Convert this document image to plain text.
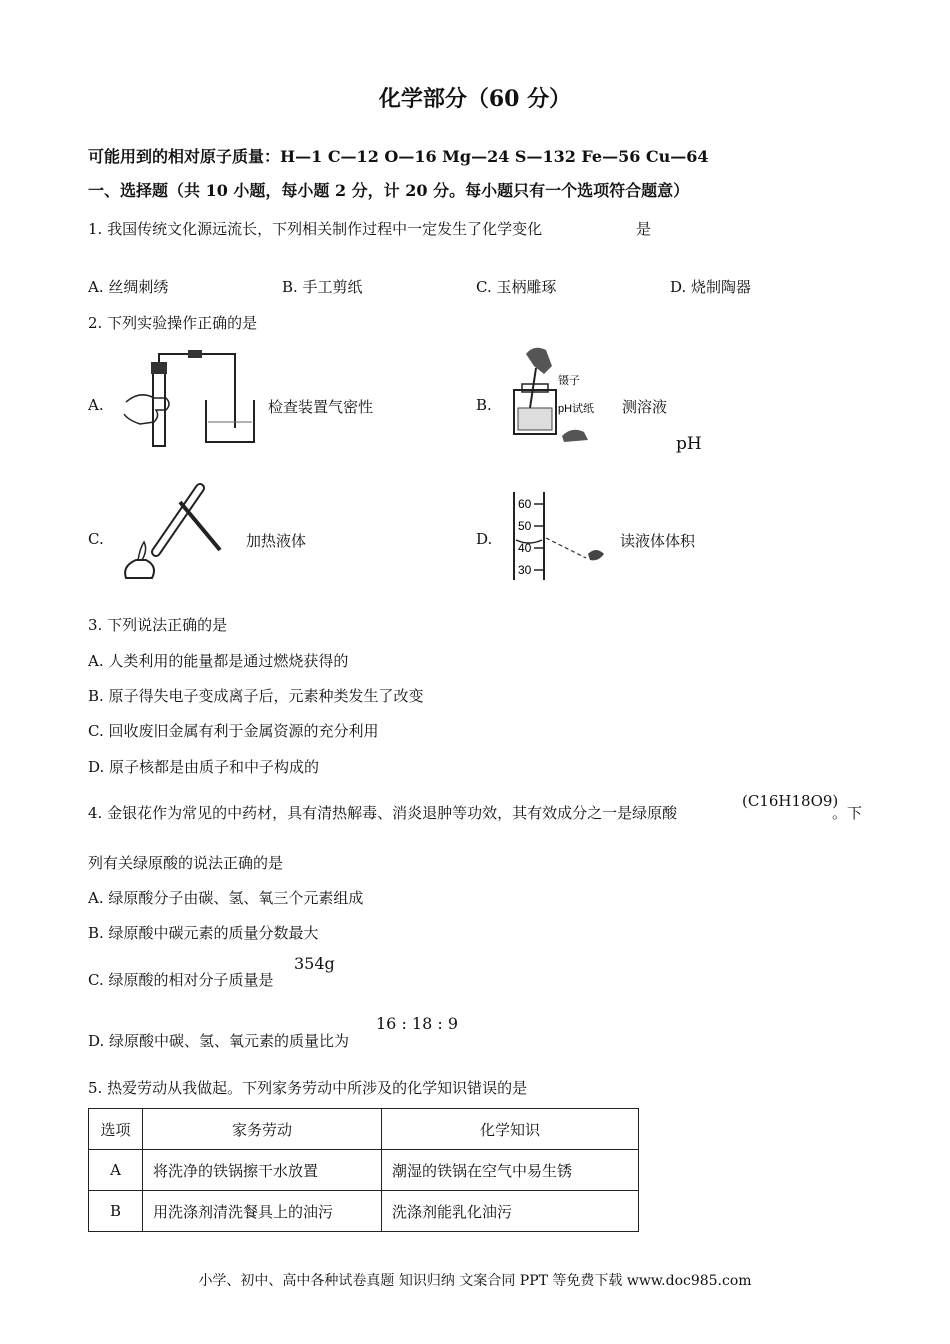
化学部分（60 分）
可能用到的相对原子质量：H—1 C—12 O—16 Mg—24 S—132 Fe—56 Cu—64
一、选择题（共 10 小题，每小题 2 分，计 20 分。每小题只有一个选项符合题意）
1. 我国传统文化源远流长，下列相关制作过程中一定发生了化学变化	是
A. 丝绸刺绣	B. 手工剪纸	C. 玉柄雕琢	D. 烧制陶器
2. 下列实验操作正确的是
A.	检查装置气密性	B.
镊子
pH试纸 测溶液
pH
C.	加热液体	D.
60
50
40
30
读液体体积
3. 下列说法正确的是
A. 人类利用的能量都是通过燃烧获得的
B. 原子得失电子变成离子后，元素种类发生了改变
C. 回收废旧金属有利于金属资源的充分利用
D. 原子核都是由质子和中子构成的
4. 金银花作为常见的中药材，具有清热解毒、消炎退肿等功效，其有效成分之一是绿原酸
(C16H18O9)
。下
列有关绿原酸的说法正确的是
A. 绿原酸分子由碳、氢、氧三个元素组成
B. 绿原酸中碳元素的质量分数最大
C. 绿原酸的相对分子质量是
354g
D. 绿原酸中碳、氢、氧元素的质量比为
16 : 18 : 9
5. 热爱劳动从我做起。下列家务劳动中所涉及的化学知识错误的是
选项	家务劳动	化学知识
A	将洗净的铁锅擦干水放置	潮湿的铁锅在空气中易生锈
B	用洗涤剂清洗餐具上的油污	洗涤剂能乳化油污
小学、初中、高中各种试卷真题 知识归纳 文案合同 PPT 等免费下载 www.doc985.com
